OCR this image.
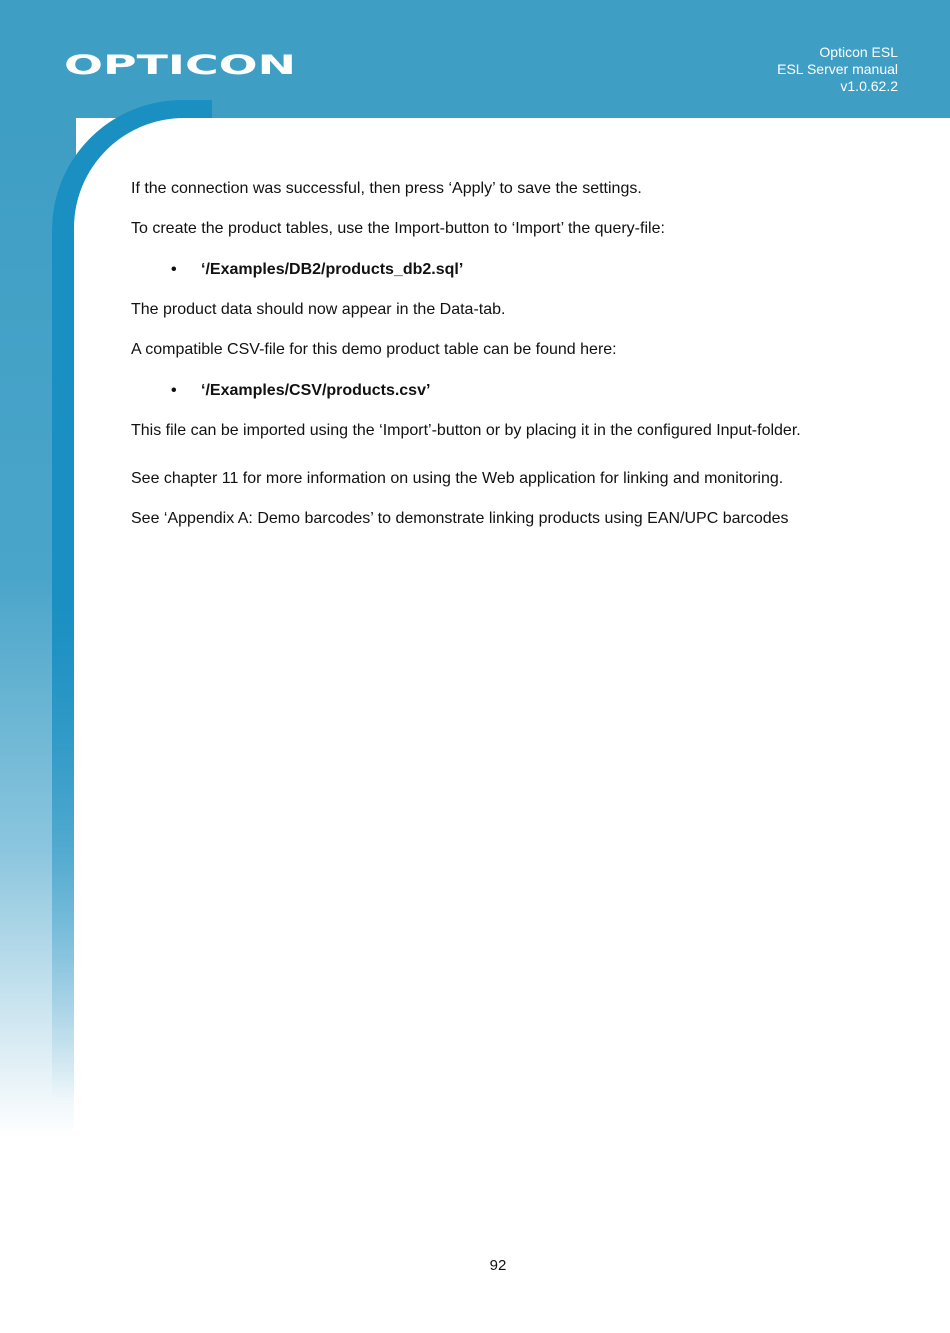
OPTICON	Opticon ESL
ESL Server manual
v1.0.62.2

If the connection was successful, then press ‘Apply’ to save the settings.

To create the product tables, use the Import-button to ‘Import’ the query-file:

• ‘/Examples/DB2/products_db2.sql’

The product data should now appear in the Data-tab.

A compatible CSV-file for this demo product table can be found here:

• ‘/Examples/CSV/products.csv’

This file can be imported using the ‘Import’-button or by placing it in the configured Input-folder.

See chapter 11 for more information on using the Web application for linking and monitoring.

See ‘Appendix A: Demo barcodes’ to demonstrate linking products using EAN/UPC barcodes

92
